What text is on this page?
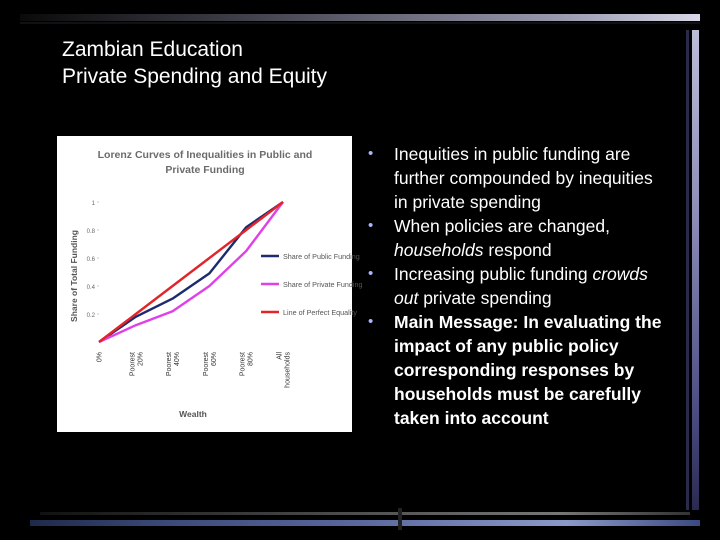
Zambian Education
Private Spending and Equity
Lorenz Curves of Inequalities in Public and
Private Funding
Share of Total Funding
Wealth
0.2
0.4
0.6
0.8
1
0%	Poorest 20%	Poorest 40%	Poorest 60%	Poorest 80%	All households
Share of Public Funding
Share of Private Funding
Line of Perfect Equality
• Inequities in public funding are further compounded by inequities in private spending
• When policies are changed, households respond
• Increasing public funding crowds out private spending
• Main Message: In evaluating the impact of any public policy corresponding responses by households must be carefully taken into account
